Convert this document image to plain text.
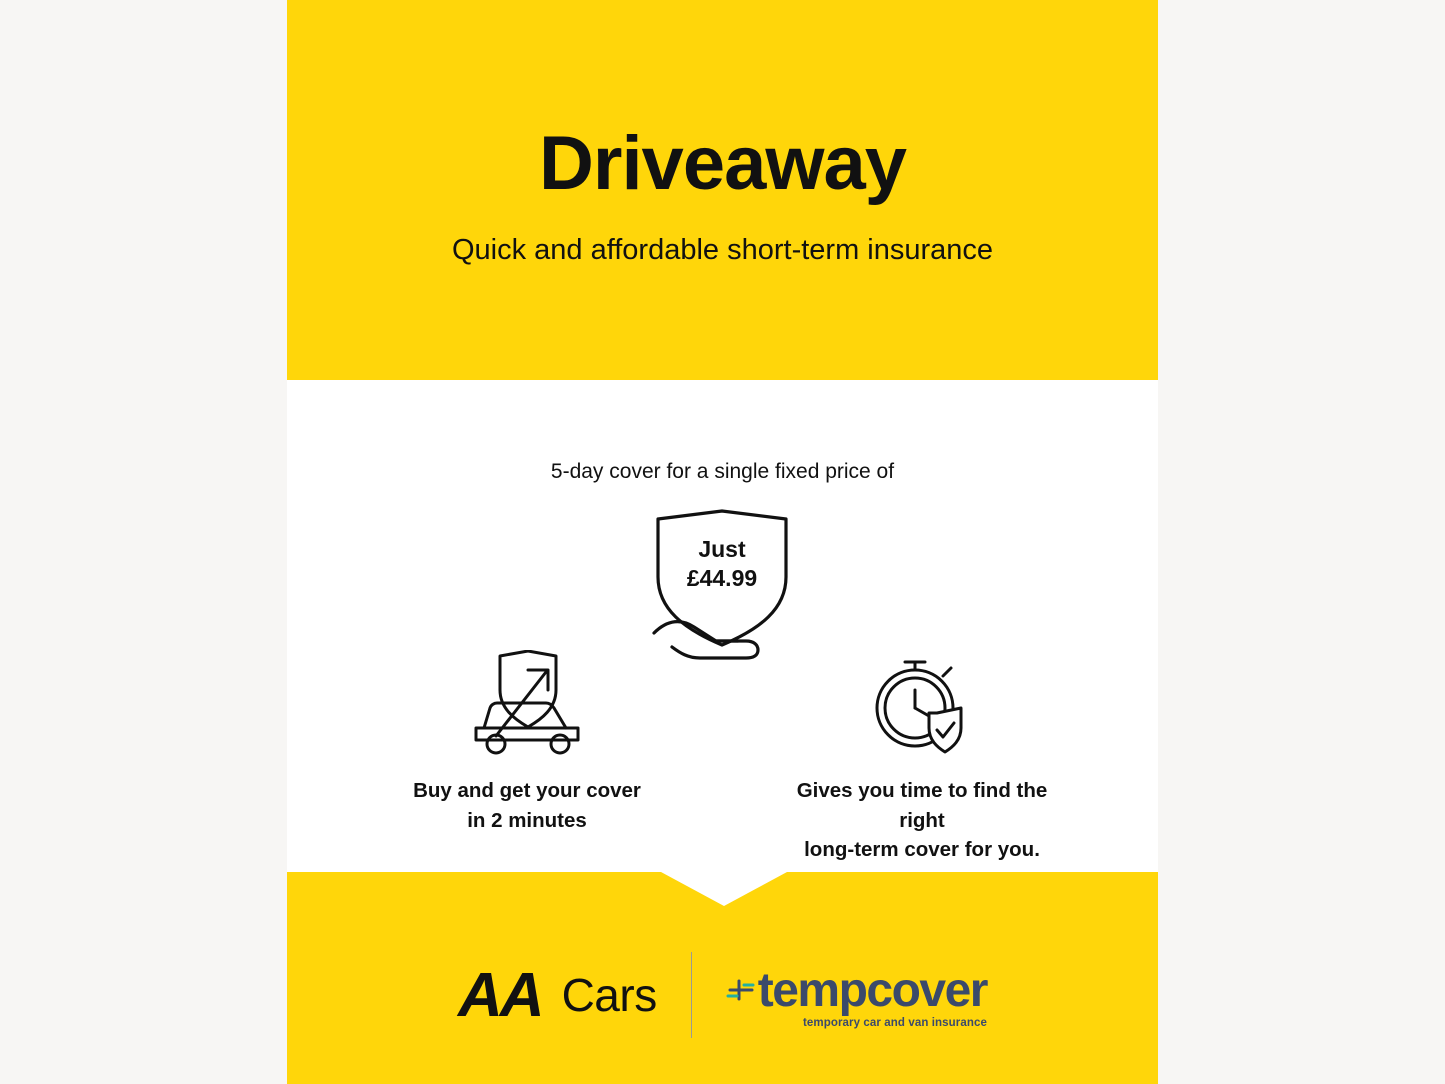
Driveaway
Quick and affordable short-term insurance
5-day cover for a single fixed price of
Just
£44.99
Buy and get your cover
in 2 minutes
Gives you time to find the right
long-term cover for you.
AA Cars tempcover
temporary car and van insurance
